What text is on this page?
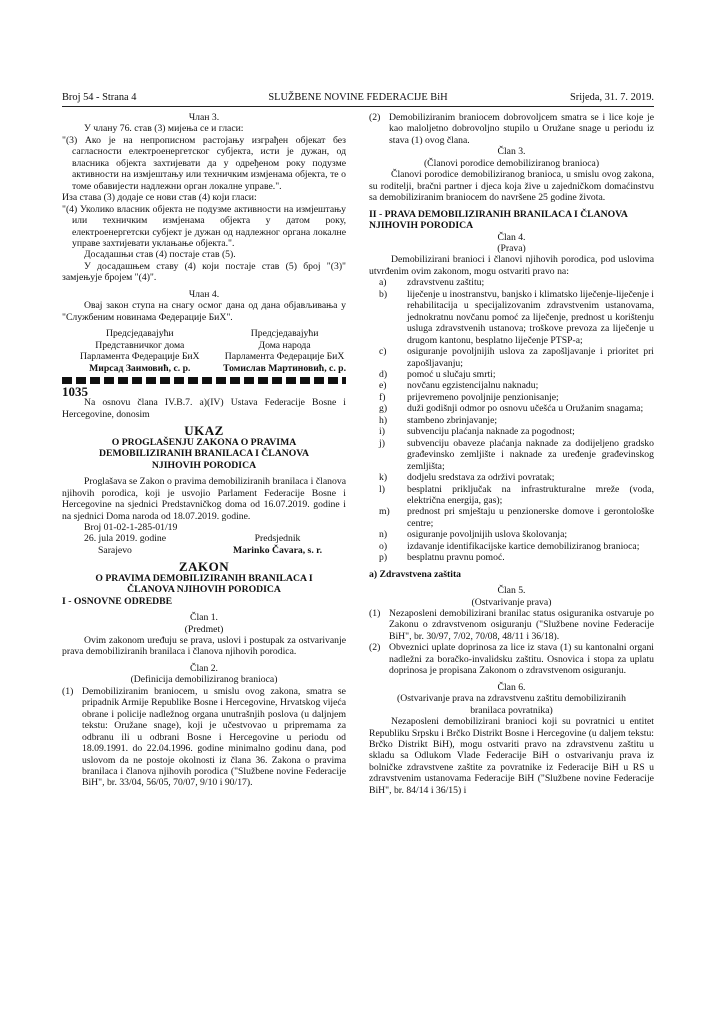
Broj 54 - Strana 4	SLUŽBENE NOVINE FEDERACIJE BiH	Srijeda, 31. 7. 2019.

Члан 3.

У члану 76. став (3) мијења се и гласи:

"(3) Ако је на непрописном растојању изграђен објекат без сагласности електроенергетског субјекта, исти је дужан, од власника објекта захтијевати да у одређеном року подузме активности на измјештању или техничким измјенама објекта, те о томе обавијести надлежни орган локалне управе.".

Иза става (3) додаје се нови став (4) који гласи:

"(4) Уколико власник објекта не подузме активности на измјештању или техничким измјенама објекта у датом року, електроенергетски субјект је дужан од надлежног органа локалне управе захтијевати уклањање објекта.".

Досадашњи став (4) постаје став (5).

У досадашњем ставу (4) који постаје став (5) број "(3)" замјењује бројем "(4)".

Члан 4.

Овај закон ступа на снагу осмог дана од дана објављивања у "Службеним новинама Федерације БиХ".

Предсједавајући
Представничког дома
Парламента Федерације БиХ
Мирсад Заимовић, с. р.
Предсједавајући
Дома народа
Парламента Федерације БиХ
Томислав Мартиновић, с. р.

1035

Na osnovu člana IV.B.7. a)(IV) Ustava Federacije Bosne i Hercegovine, donosim

UKAZ

O PROGLAŠENJU ZAKONA O PRAVIMA DEMOBILIZIRANIH BRANILACA I ČLANOVA NJIHOVIH PORODICA

Proglašava se Zakon o pravima demobiliziranih branilaca i članova njihovih porodica, koji je usvojio Parlament Federacije Bosne i Hercegovine na sjednici Predstavničkog doma od 16.07.2019. godine i na sjednici Doma naroda od 18.07.2019. godine.

Broj 01-02-1-285-01/19

26. jula 2019. godine

Sarajevo

Predsjednik

Marinko Čavara, s. r.

ZAKON

O PRAVIMA DEMOBILIZIRANIH BRANILACA I ČLANOVA NJIHOVIH PORODICA

I - OSNOVNE ODREDBE

Član 1.

(Predmet)

Ovim zakonom uređuju se prava, uslovi i postupak za ostvarivanje prava demobiliziranih branilaca i članova njihovih porodica.

Član 2.

(Definicija demobiliziranog branioca)

(1) Demobiliziranim braniocem, u smislu ovog zakona, smatra se pripadnik Armije Republike Bosne i Hercegovine, Hrvatskog vijeća obrane i policije nadležnog organa unutrašnjih poslova (u daljnjem tekstu: Oružane snage), koji je učestvovao u pripremama za odbranu ili u odbrani Bosne i Hercegovine u periodu od 18.09.1991. do 22.04.1996. godine minimalno godinu dana, pod uslovom da ne postoje okolnosti iz člana 36. Zakona o pravima branilaca i članova njihovih porodica ("Službene novine Federacije BiH", br. 33/04, 56/05, 70/07, 9/10 i 90/17).

(2) Demobiliziranim braniocem dobrovoljcem smatra se i lice koje je kao maloljetno dobrovoljno stupilo u Oružane snage u periodu iz stava (1) ovog člana.

Član 3.

(Članovi porodice demobiliziranog branioca)

Članovi porodice demobiliziranog branioca, u smislu ovog zakona, su roditelji, bračni partner i djeca koja žive u zajedničkom domaćinstvu sa demobiliziranim braniocem do navršene 25 godine života.

II - PRAVA DEMOBILIZIRANIH BRANILACA I ČLANOVA NJIHOVIH PORODICA

Član 4.

(Prava)

Demobilizirani branioci i članovi njihovih porodica, pod uslovima utvrđenim ovim zakonom, mogu ostvariti pravo na:

a)	zdravstvenu zaštitu;

b)	liječenje u inostranstvu, banjsko i klimatsko liječenje-liječenje i rehabilitacija u specijalizovanim zdravstvenim ustanovama, jednokratnu novčanu pomoć za liječenje, prednost u korištenju usluga zdravstvenih ustanova; troškove prevoza za liječenje u drugom kantonu, besplatno liječenje PTSP-a;

c)	osiguranje povoljnijih uslova za zapošljavanje i prioritet pri zapošljavanju;

d)	pomoć u slučaju smrti;

e)	novčanu egzistencijalnu naknadu;

f)	prijevremeno povoljnije penzionisanje;

g)	duži godišnji odmor po osnovu učešća u Oružanim snagama;

h)	stambeno zbrinjavanje;

i)	subvenciju plaćanja naknade za pogodnost;

j)	subvenciju obaveze plaćanja naknade za dodijeljeno gradsko građevinsko zemljište i naknade za uređenje građevinskog zemljišta;

k)	dodjelu sredstava za održivi povratak;

l)	besplatni priključak na infrastrukturalne mreže (voda, električna energija, gas);

m)	prednost pri smještaju u penzionerske domove i gerontološke centre;

n)	osiguranje povoljnijih uslova školovanja;

o)	izdavanje identifikacijske kartice demobiliziranog branioca;

p)	besplatnu pravnu pomoć.

a) Zdravstvena zaštita

Član 5.

(Ostvarivanje prava)

(1) Nezaposleni demobilizirani branilac status osiguranika ostvaruje po Zakonu o zdravstvenom osiguranju ("Službene novine Federacije BiH", br. 30/97, 7/02, 70/08, 48/11 i 36/18).

(2) Obveznici uplate doprinosa za lice iz stava (1) su kantonalni organi nadležni za boračko-invalidsku zaštitu. Osnovica i stopa za uplatu doprinosa je propisana Zakonom o zdravstvenom osiguranju.

Član 6.

(Ostvarivanje prava na zdravstvenu zaštitu demobiliziranih branilaca povratnika)

Nezaposleni demobilizirani branioci koji su povratnici u entitet Republiku Srpsku i Brčko Distrikt Bosne i Hercegovine (u daljem tekstu: Brčko Distrikt BiH), mogu ostvariti pravo na zdravstvenu zaštitu u skladu sa Odlukom Vlade Federacije BiH o ostvarivanju prava iz bolničke zdravstvene zaštite za povratnike iz Federacije BiH u RS u zdravstvenim ustanovama Federacije BiH ("Službene novine Federacije BiH", br. 84/14 i 36/15) i
